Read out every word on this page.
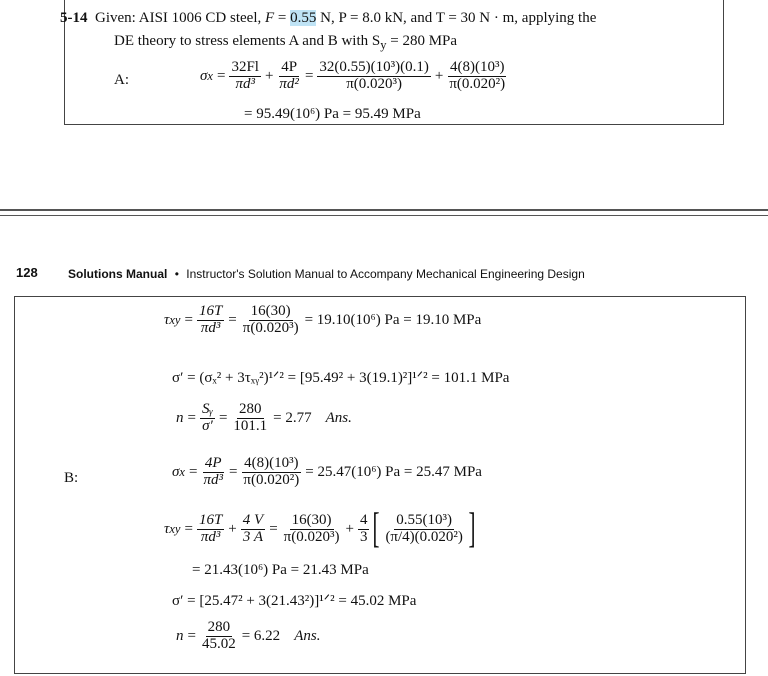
5-14 Given: AISI 1006 CD steel, F = 0.55 N, P = 8.0 kN, and T = 30 N · m, applying the
DE theory to stress elements A and B with $S_y = 280$ MPa
A:	σ $x = \frac{32Fl}{\text{πd³}} + \frac{4P}{\text{πd²}} = \frac{\text{32(0.55)(10³)(0.1)}}{\text{π(0.020³)}} + \frac{\text{4(8)(10³)}}{\text{π(0.020²)}}$
= 95.49(10⁶) Pa = 95.49 MPa
128	Solutions Manual • Instructor's Solution Manual to Accompany Mechanical Engineering Design
τ xy = $\frac{16T}{\text{πd³}} = \frac{16(30)}{\text{π(0.020³)}} = 19.10(10^6) Pa = 19.10$ MPa
σ′ = (σₓ² + 3τₓᵧ²)¹ᐟ² = [95.49² + 3(19.1)²]¹ᐟ² = 101.1 MPa
$n = \frac{\text{Sᵧ}}{\sigma'} = \frac{280}{101.1} = 2.77$ Ans.
B:	σ $x = \frac{4P}{\text{πd³}} = \frac{\text{4(8)(10³)}}{\text{π(0.020²)}} = 25.47(10^6) Pa = 25.47$ MPa
τ xy = $\frac{16T}{\text{πd³}} + \frac{4 V}{3 A} = \frac{16(30)}{\text{π(0.020³)}} + \frac{4}{3}$ [ $\frac{\text{0.55(10³)}}{\text{(π/4)(0.020²)}}$ ]
= 21.43(10⁶) Pa = 21.43 MPa
σ′ = [25.47² + 3(21.43²)]¹ᐟ² = 45.02 MPa
$n = \frac{280}{45.02} = 6.22$ Ans.
